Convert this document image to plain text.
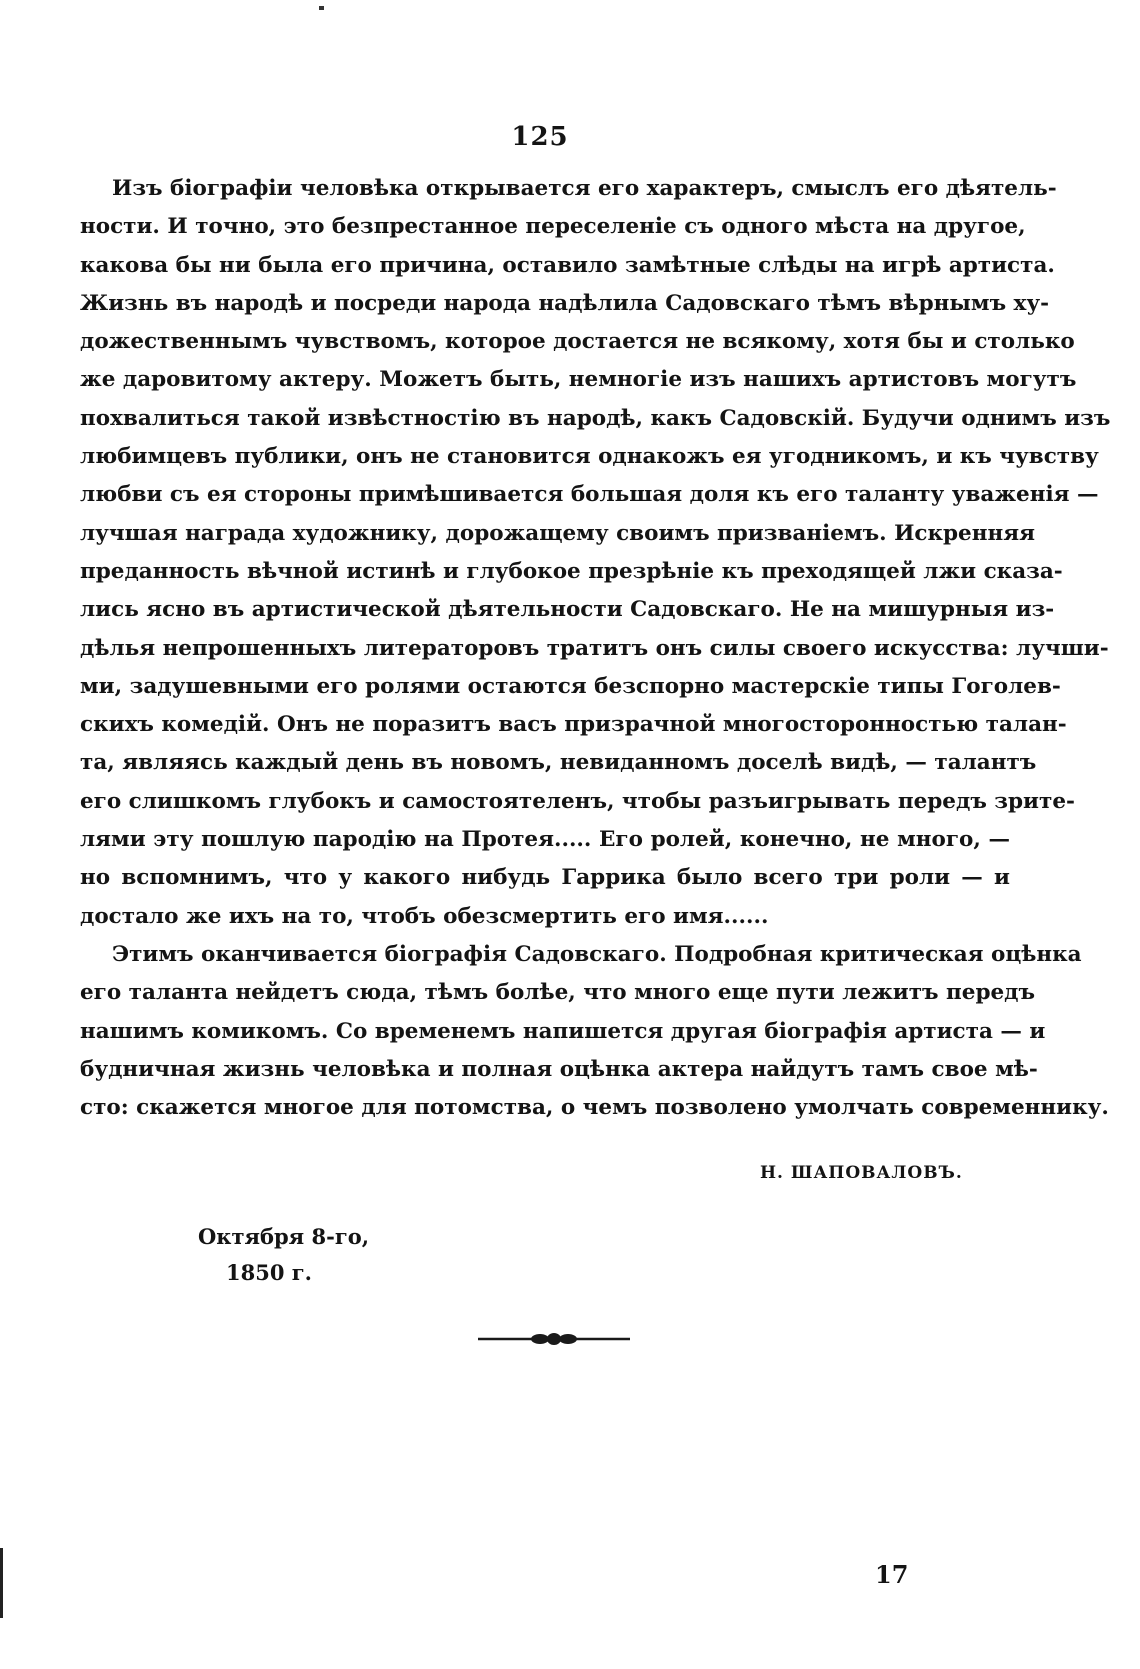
125
Изъ біографіи человѣка открывается его характеръ, смыслъ его дѣятель-
ности. И точно, это безпрестанное переселеніе съ одного мѣста на другое,
какова бы ни была его причина, оставило замѣтные слѣды на игрѣ артиста.
Жизнь въ народѣ и посреди народа надѣлила Садовскаго тѣмъ вѣрнымъ ху-
дожественнымъ чувствомъ, которое достается не всякому, хотя бы и столько
же даровитому актеру. Можетъ быть, немногіе изъ нашихъ артистовъ могутъ
похвалиться такой извѣстностію въ народѣ, какъ Садовскій. Будучи однимъ изъ
любимцевъ публики, онъ не становится однакожъ ея угодникомъ, и къ чувству
любви съ ея стороны примѣшивается большая доля къ его таланту уваженія —
лучшая награда художнику, дорожащему своимъ призваніемъ. Искренняя
преданность вѣчной истинѣ и глубокое презрѣніе къ преходящей лжи сказа-
лись ясно въ артистической дѣятельности Садовскаго. Не на мишурныя из-
дѣлья непрошенныхъ литераторовъ тратитъ онъ силы своего искусства: лучши-
ми, задушевными его ролями остаются безспорно мастерскіе типы Гоголев-
скихъ комедій. Онъ не поразитъ васъ призрачной многосторонностью талан-
та, являясь каждый день въ новомъ, невиданномъ доселѣ видѣ, — талантъ
его слишкомъ глубокъ и самостоятеленъ, чтобы разъигрывать передъ зрите-
лями эту пошлую пародію на Протея..... Его ролей, конечно, не много, —
но вспомнимъ, что у какого нибудь Гаррика было всего три роли — и
достало же ихъ на то, чтобъ обезсмертить его имя......
Этимъ оканчивается біографія Садовскаго. Подробная критическая оцѣнка
его таланта нейдетъ сюда, тѣмъ болѣе, что много еще пути лежитъ передъ
нашимъ комикомъ. Со временемъ напишется другая біографія артиста — и
будничная жизнь человѣка и полная оцѣнка актера найдутъ тамъ свое мѣ-
сто: скажется многое для потомства, о чемъ позволено умолчать современнику.
Н. ШАПОВАЛОВЪ.
Октября 8-го,
1850 г.
17
